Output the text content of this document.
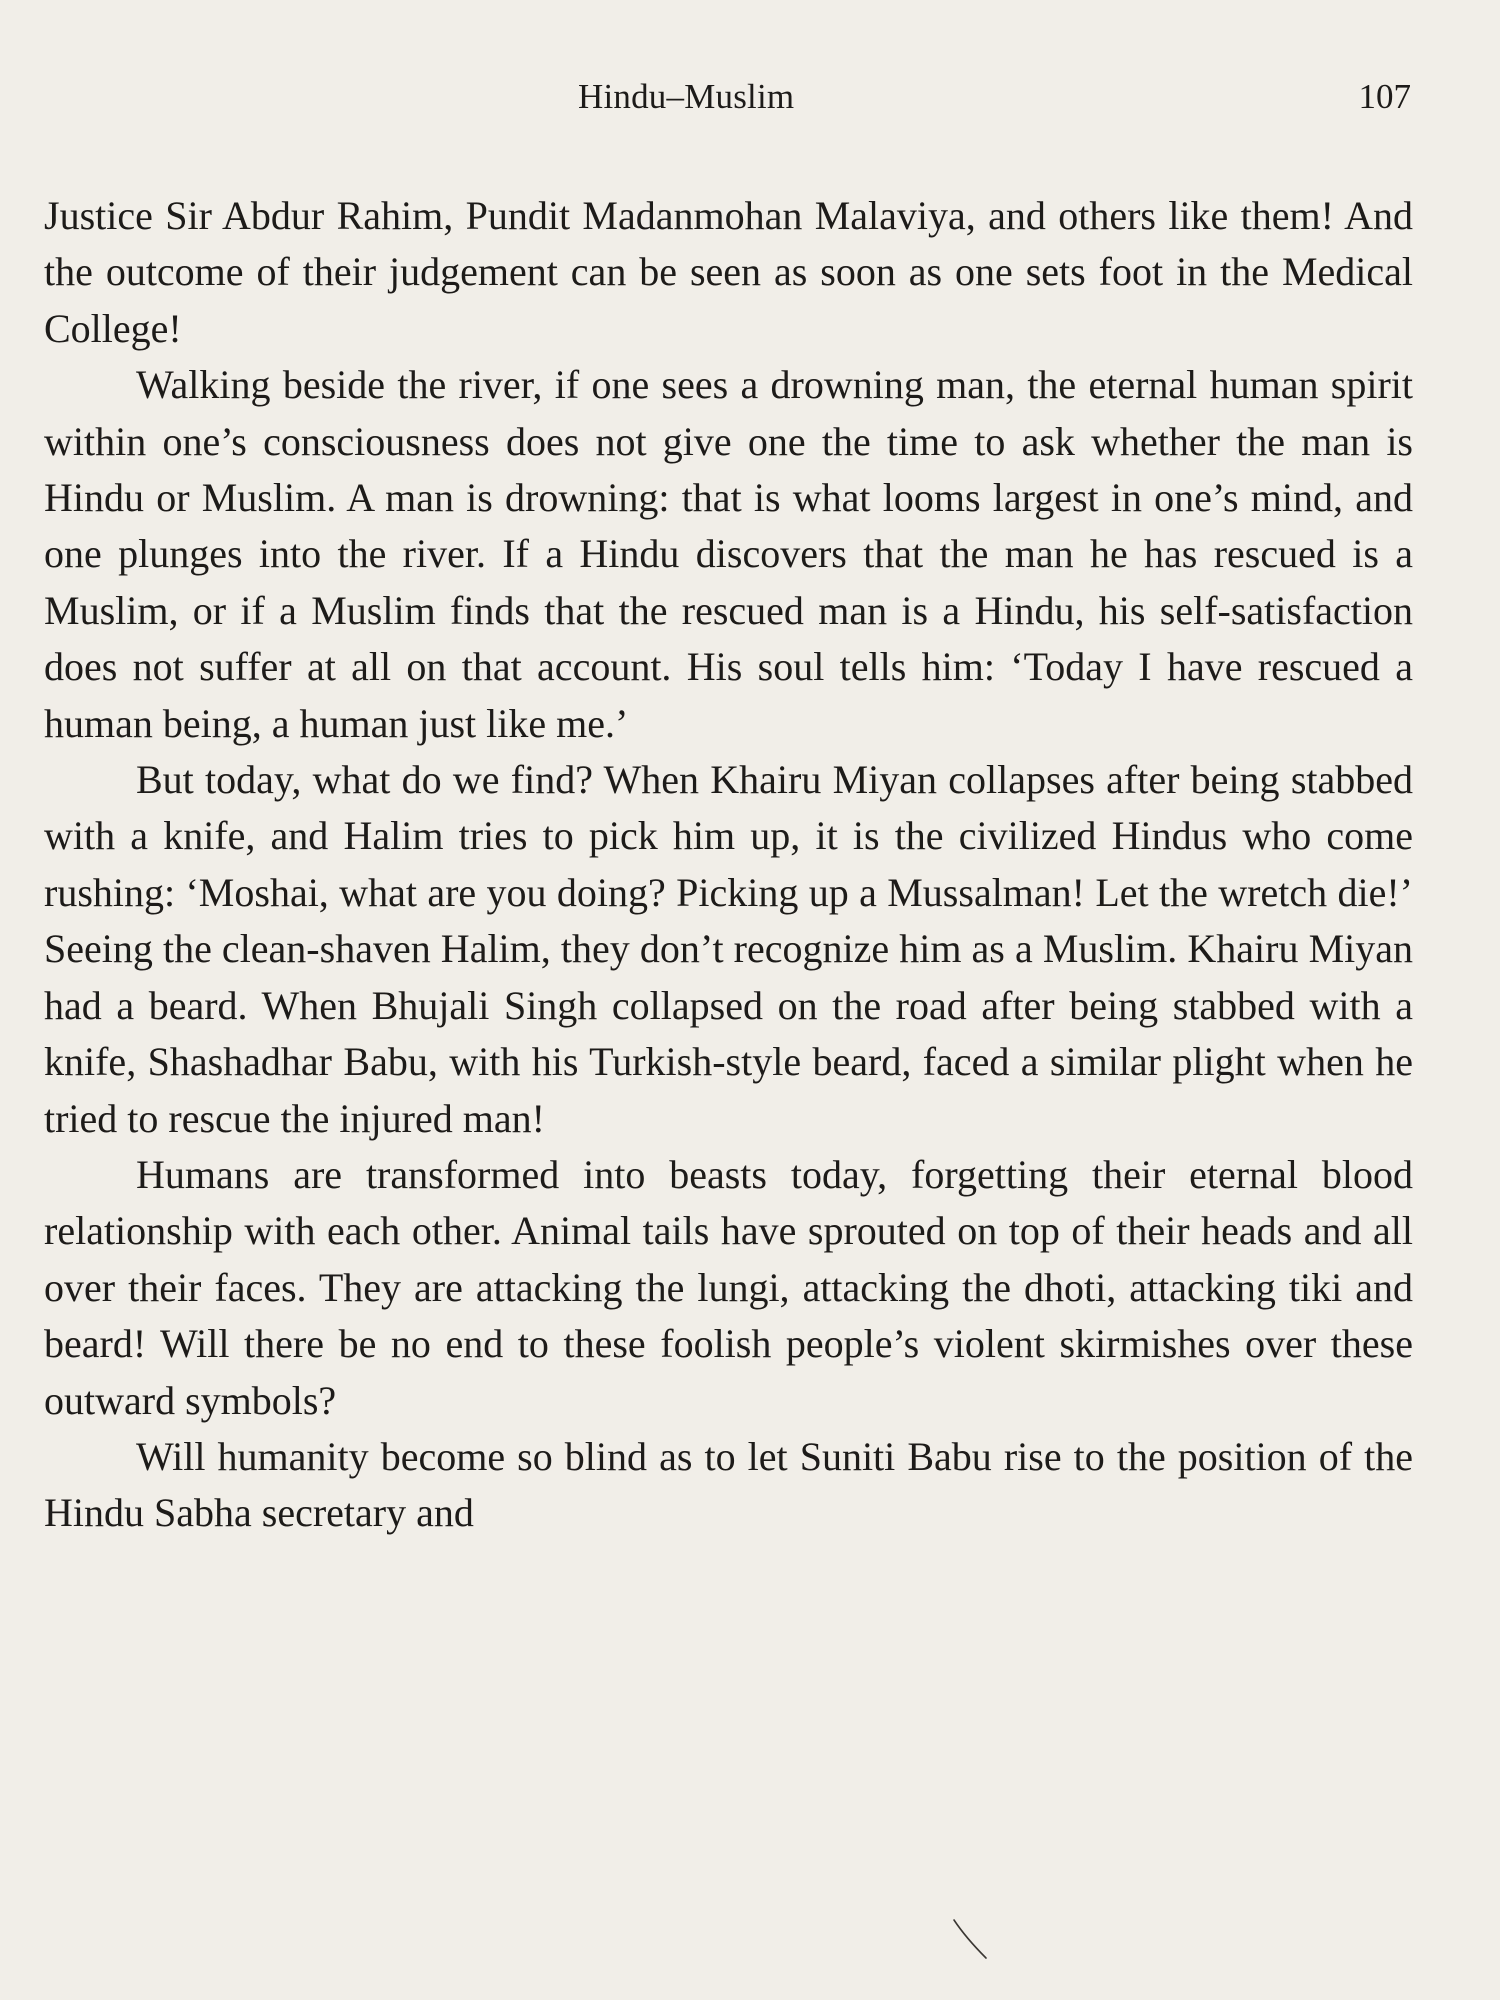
Hindu–Muslim	107

Justice Sir Abdur Rahim, Pundit Madanmohan Malaviya, and others like them! And the outcome of their judgement can be seen as soon as one sets foot in the Medical College!

Walking beside the river, if one sees a drowning man, the eternal human spirit within one’s consciousness does not give one the time to ask whether the man is Hindu or Muslim. A man is drowning: that is what looms largest in one’s mind, and one plunges into the river. If a Hindu discovers that the man he has rescued is a Muslim, or if a Muslim finds that the rescued man is a Hindu, his self-satisfaction does not suffer at all on that account. His soul tells him: ‘Today I have rescued a human being, a human just like me.’

But today, what do we find? When Khairu Miyan collapses after being stabbed with a knife, and Halim tries to pick him up, it is the civilized Hindus who come rushing: ‘Moshai, what are you doing? Picking up a Mussalman! Let the wretch die!’ Seeing the clean-shaven Halim, they don’t recognize him as a Muslim. Khairu Miyan had a beard. When Bhujali Singh collapsed on the road after being stabbed with a knife, Shashadhar Babu, with his Turkish-style beard, faced a similar plight when he tried to rescue the injured man!

Humans are transformed into beasts today, forgetting their eternal blood relationship with each other. Animal tails have sprouted on top of their heads and all over their faces. They are attacking the lungi, attacking the dhoti, attacking tiki and beard! Will there be no end to these foolish people’s violent skirmishes over these outward symbols?

Will humanity become so blind as to let Suniti Babu rise to the position of the Hindu Sabha secretary and
